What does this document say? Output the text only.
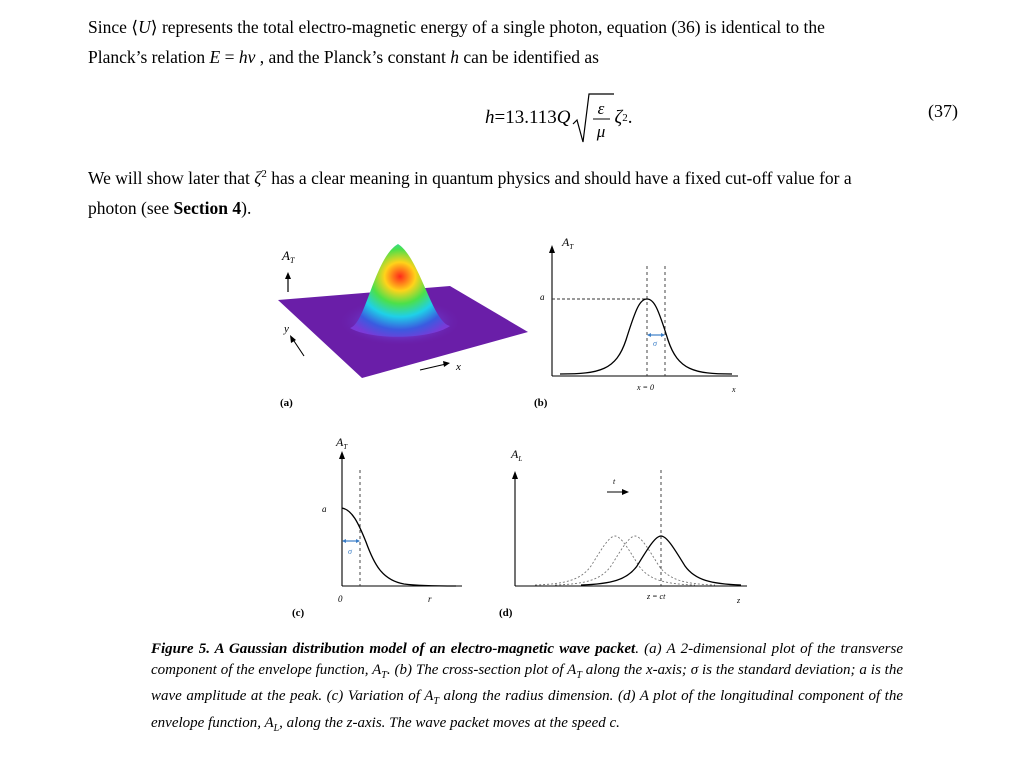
Since ⟨U⟩ represents the total electro-magnetic energy of a single photon, equation (36) is identical to the
Planck’s relation E = hv , and the Planck’s constant h can be identified as
h = 13.113 Q ε
μ
ζ 2 .	(37)
We will show later that $\zeta^2$ has a clear meaning in quantum physics and should have a fixed cut-off value for a
photon (see Section 4).
$A_T$
y
x
(a)
$A_T$
a
σ
x = 0	x
(b)
$A_T$
a
σ
0	r
(c)
$A_L$
t
z = ct	z
(d)
Figure 5. A Gaussian distribution model of an electro-magnetic wave packet. (a) A 2-dimensional plot of the transverse component of the envelope function, $A_T$. (b) The cross-section plot of $A_T$ along the x-axis; σ is the standard deviation; a is the wave amplitude at the peak. (c) Variation of $A_T$ along the radius dimension. (d) A plot of the longitudinal component of the envelope function, $A_L$, along the z-axis. The wave packet moves at the speed c.
